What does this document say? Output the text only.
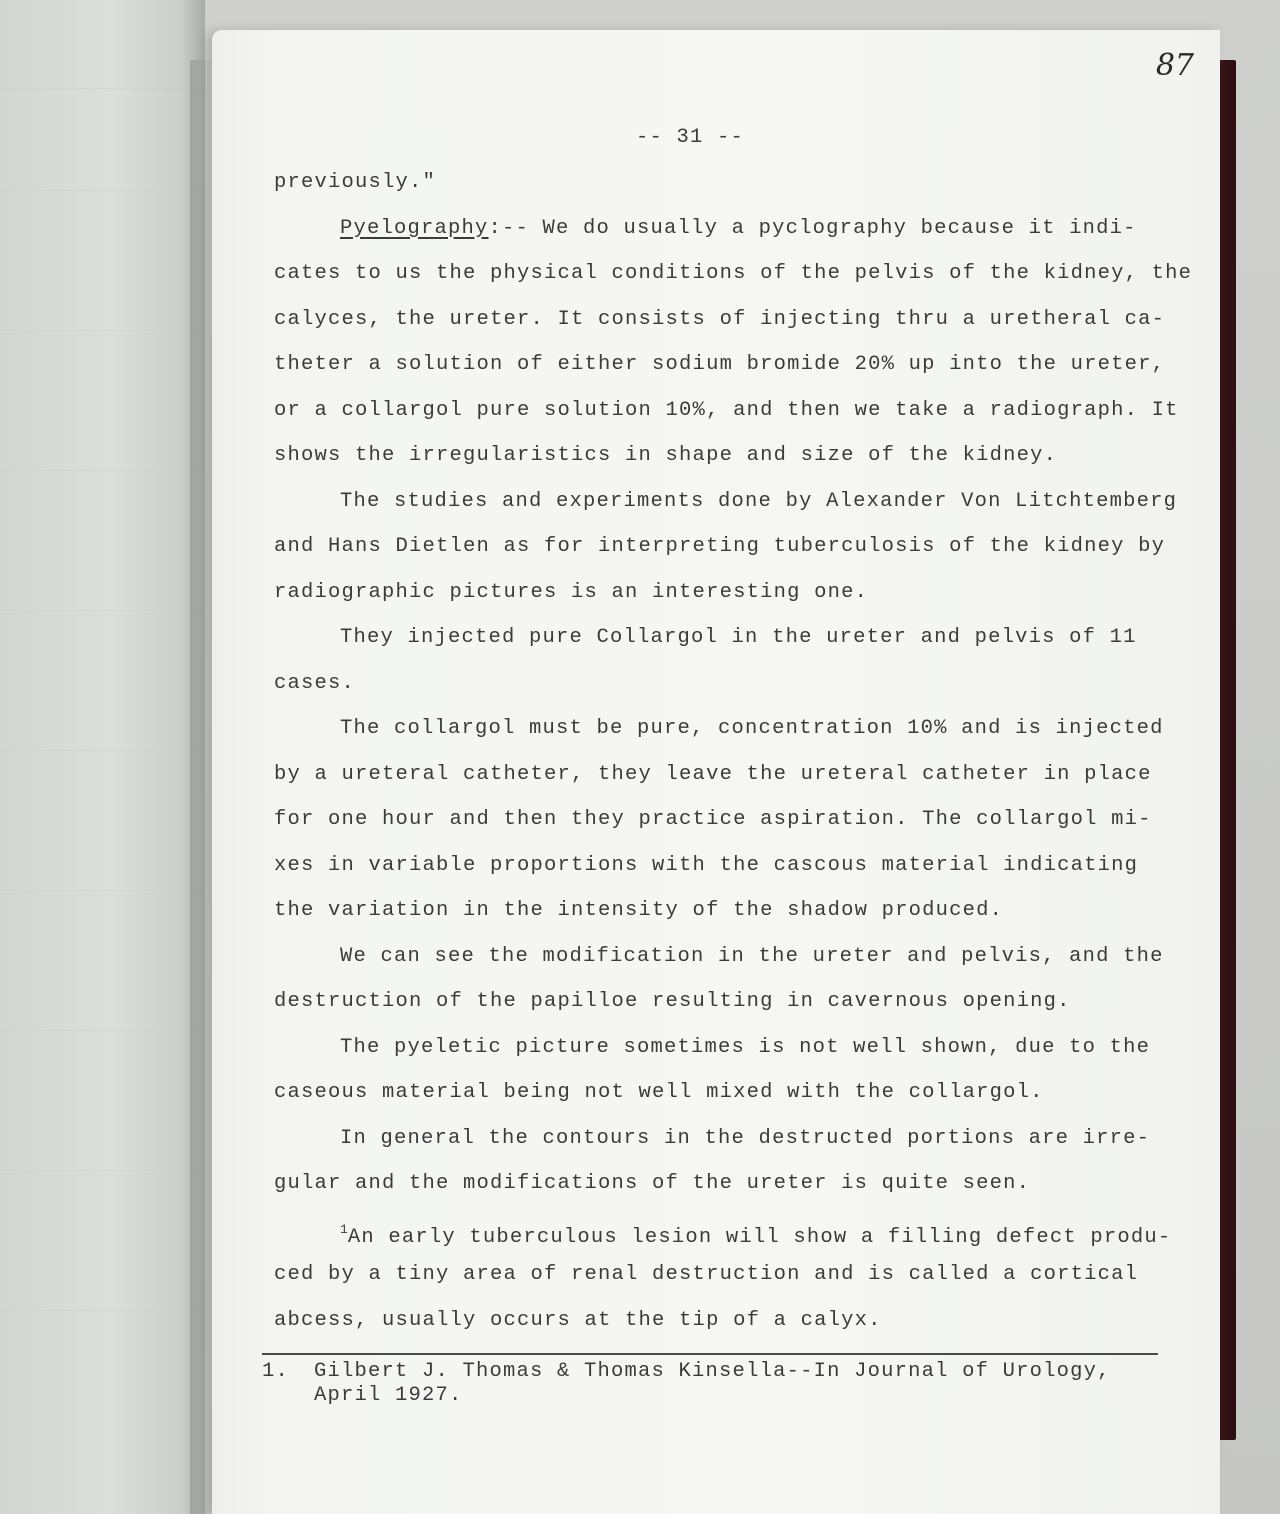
87
-- 31 --
previously."
Pyelography:-- We do usually a pyclography because it indi-
cates to us the physical conditions of the pelvis of the kidney, the
calyces, the ureter. It consists of injecting thru a uretheral ca-
theter a solution of either sodium bromide 20% up into the ureter,
or a collargol pure solution 10%, and then we take a radiograph. It
shows the irregularistics in shape and size of the kidney.
The studies and experiments done by Alexander Von Litchtemberg
and Hans Dietlen as for interpreting tuberculosis of the kidney by
radiographic pictures is an interesting one.
They injected pure Collargol in the ureter and pelvis of 11
cases.
The collargol must be pure, concentration 10% and is injected
by a ureteral catheter, they leave the ureteral catheter in place
for one hour and then they practice aspiration. The collargol mi-
xes in variable proportions with the cascous material indicating
the variation in the intensity of the shadow produced.
We can see the modification in the ureter and pelvis, and the
destruction of the papilloe resulting in cavernous opening.
The pyeletic picture sometimes is not well shown, due to the
caseous material being not well mixed with the collargol.
In general the contours in the destructed portions are irre-
gular and the modifications of the ureter is quite seen.
$^1$An early tuberculous lesion will show a filling defect produ-
ced by a tiny area of renal destruction and is called a cortical
abcess, usually occurs at the tip of a calyx.
1. Gilbert J. Thomas & Thomas Kinsella--In Journal of Urology,
April 1927.
